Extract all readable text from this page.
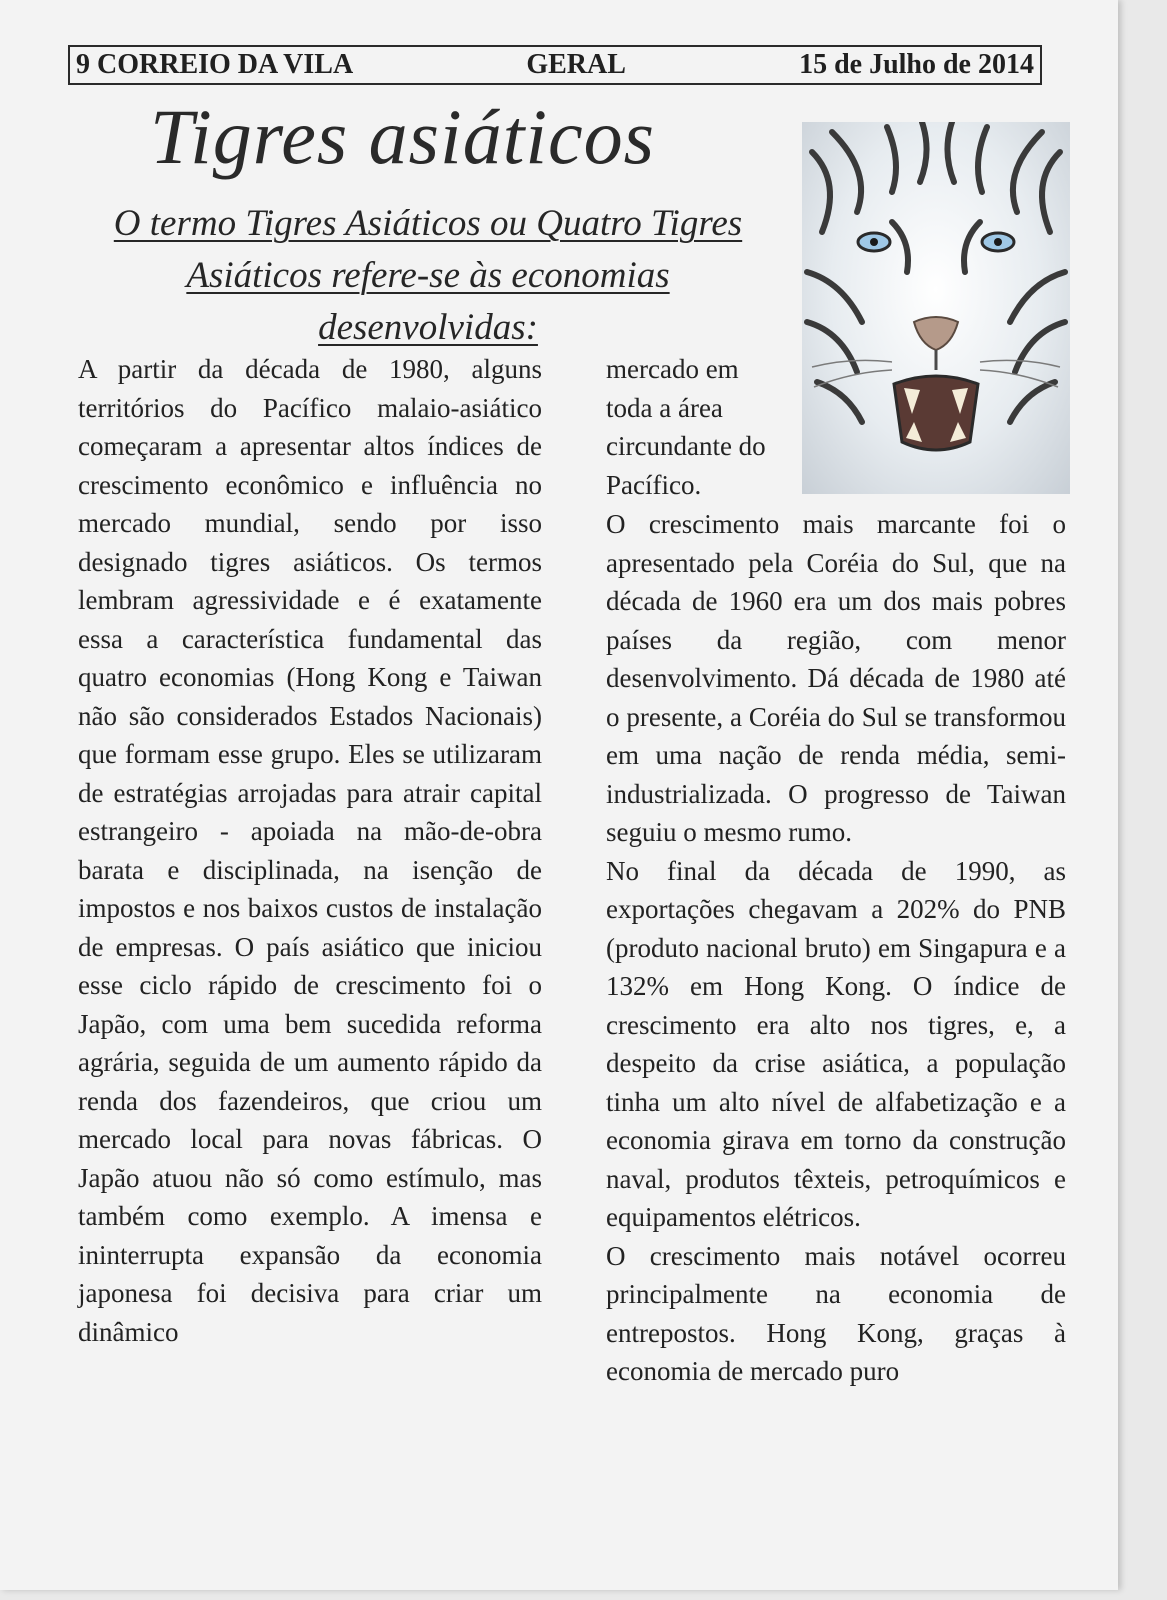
9 CORREIO DA VILA	GERAL	15 de Julho de 2014
Tigres asiáticos
O termo Tigres Asiáticos ou Quatro Tigres Asiáticos refere-se às economias desenvolvidas:

A partir da década de 1980, alguns territórios do Pacífico malaio-asiático começaram a apresentar altos índices de crescimento econômico e influência no mercado mundial, sendo por isso designado tigres asiáticos. Os termos lembram agressividade e é exatamente essa a característica fundamental das quatro economias (Hong Kong e Taiwan não são considerados Estados Nacionais) que formam esse grupo. Eles se utilizaram de estratégias arrojadas para atrair capital estrangeiro - apoiada na mão-de-obra barata e disciplinada, na isenção de impostos e nos baixos custos de instalação de empresas. O país asiático que iniciou esse ciclo rápido de crescimento foi o Japão, com uma bem sucedida reforma agrária, seguida de um aumento rápido da renda dos fazendeiros, que criou um mercado local para novas fábricas. O Japão atuou não só como estímulo, mas também como exemplo. A imensa e ininterrupta expansão da economia japonesa foi decisiva para criar um dinâmico

mercado em toda a área circundante do Pacífico.

O crescimento mais marcante foi o apresentado pela Coréia do Sul, que na década de 1960 era um dos mais pobres países da região, com menor desenvolvimento. Dá década de 1980 até o presente, a Coréia do Sul se transformou em uma nação de renda média, semi-industrializada. O progresso de Taiwan seguiu o mesmo rumo.

No final da década de 1990, as exportações chegavam a 202% do PNB (produto nacional bruto) em Singapura e a 132% em Hong Kong. O índice de crescimento era alto nos tigres, e, a despeito da crise asiática, a população tinha um alto nível de alfabetização e a economia girava em torno da construção naval, produtos têxteis, petroquímicos e equipamentos elétricos.

O crescimento mais notável ocorreu principalmente na economia de entrepostos. Hong Kong, graças à economia de mercado puro
